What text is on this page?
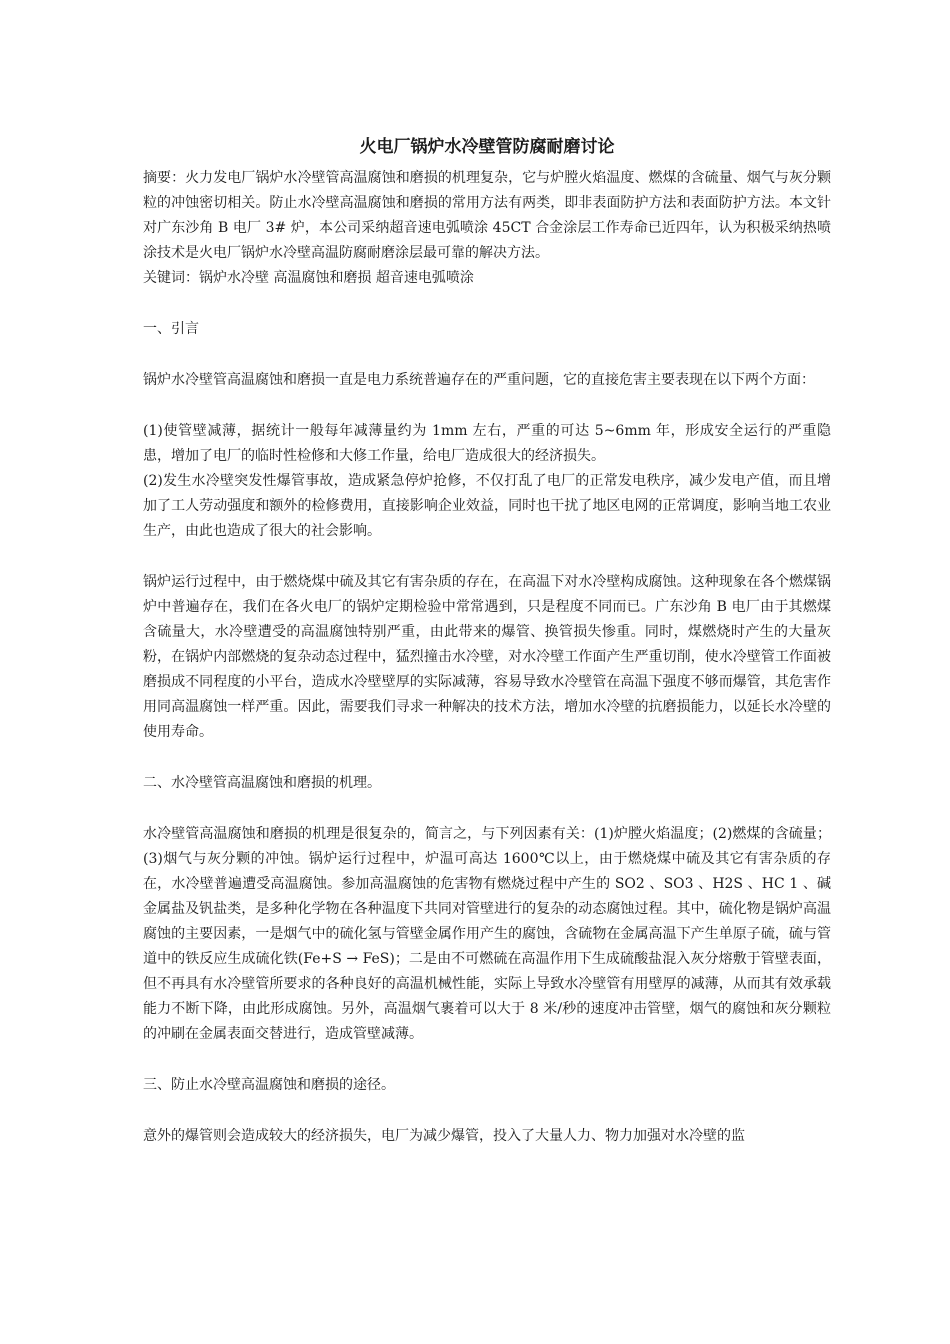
火电厂锅炉水冷壁管防腐耐磨讨论

摘要：火力发电厂锅炉水冷壁管高温腐蚀和磨损的机理复杂，它与炉膛火焰温度、燃煤的含硫量、烟气与灰分颗粒的冲蚀密切相关。防止水冷壁高温腐蚀和磨损的常用方法有两类，即非表面防护方法和表面防护方法。本文针对广东沙角 B 电厂 3# 炉，本公司采纳超音速电弧喷涂 45CT 合金涂层工作寿命已近四年，认为积极采纳热喷涂技术是火电厂锅炉水冷壁高温防腐耐磨涂层最可靠的解决方法。

关键词：锅炉水冷壁 高温腐蚀和磨损 超音速电弧喷涂

一、引言

锅炉水冷壁管高温腐蚀和磨损一直是电力系统普遍存在的严重问题，它的直接危害主要表现在以下两个方面：

(1)使管壁减薄，据统计一般每年减薄量约为 1mm 左右，严重的可达 5~6mm 年，形成安全运行的严重隐患，增加了电厂的临时性检修和大修工作量，给电厂造成很大的经济损失。

(2)发生水冷壁突发性爆管事故，造成紧急停炉抢修，不仅打乱了电厂的正常发电秩序，减少发电产值，而且增加了工人劳动强度和额外的检修费用，直接影响企业效益，同时也干扰了地区电网的正常调度，影响当地工农业生产，由此也造成了很大的社会影响。

锅炉运行过程中，由于燃烧煤中硫及其它有害杂质的存在，在高温下对水冷壁构成腐蚀。这种现象在各个燃煤锅炉中普遍存在，我们在各火电厂的锅炉定期检验中常常遇到，只是程度不同而已。广东沙角 B 电厂由于其燃煤含硫量大，水冷壁遭受的高温腐蚀特别严重，由此带来的爆管、换管损失惨重。同时，煤燃烧时产生的大量灰粉，在锅炉内部燃烧的复杂动态过程中，猛烈撞击水冷壁，对水冷壁工作面产生严重切削，使水冷壁管工作面被磨损成不同程度的小平台，造成水冷壁壁厚的实际减薄，容易导致水冷壁管在高温下强度不够而爆管，其危害作用同高温腐蚀一样严重。因此，需要我们寻求一种解决的技术方法，增加水冷壁的抗磨损能力，以延长水冷壁的使用寿命。

二、水冷壁管高温腐蚀和磨损的机理。

水冷壁管高温腐蚀和磨损的机理是很复杂的，简言之，与下列因素有关：(1)炉膛火焰温度；(2)燃煤的含硫量；(3)烟气与灰分颗的冲蚀。锅炉运行过程中，炉温可高达 1600℃以上，由于燃烧煤中硫及其它有害杂质的存在，水冷壁普遍遭受高温腐蚀。参加高温腐蚀的危害物有燃烧过程中产生的 SO2 、SO3 、H2S 、HC 1 、碱金属盐及钒盐类，是多种化学物在各种温度下共同对管壁进行的复杂的动态腐蚀过程。其中，硫化物是锅炉高温腐蚀的主要因素，一是烟气中的硫化氢与管壁金属作用产生的腐蚀，含硫物在金属高温下产生单原子硫，硫与管道中的铁反应生成硫化铁(Fe+S → FeS)；二是由不可燃硫在高温作用下生成硫酸盐混入灰分熔敷于管壁表面，但不再具有水冷壁管所要求的各种良好的高温机械性能，实际上导致水冷壁管有用壁厚的减薄，从而其有效承载能力不断下降，由此形成腐蚀。另外，高温烟气裹着可以大于 8 米/秒的速度冲击管壁，烟气的腐蚀和灰分颗粒的冲刷在金属表面交替进行，造成管壁减薄。

三、防止水冷壁高温腐蚀和磨损的途径。

意外的爆管则会造成较大的经济损失，电厂为减少爆管，投入了大量人力、物力加强对水冷壁的监
